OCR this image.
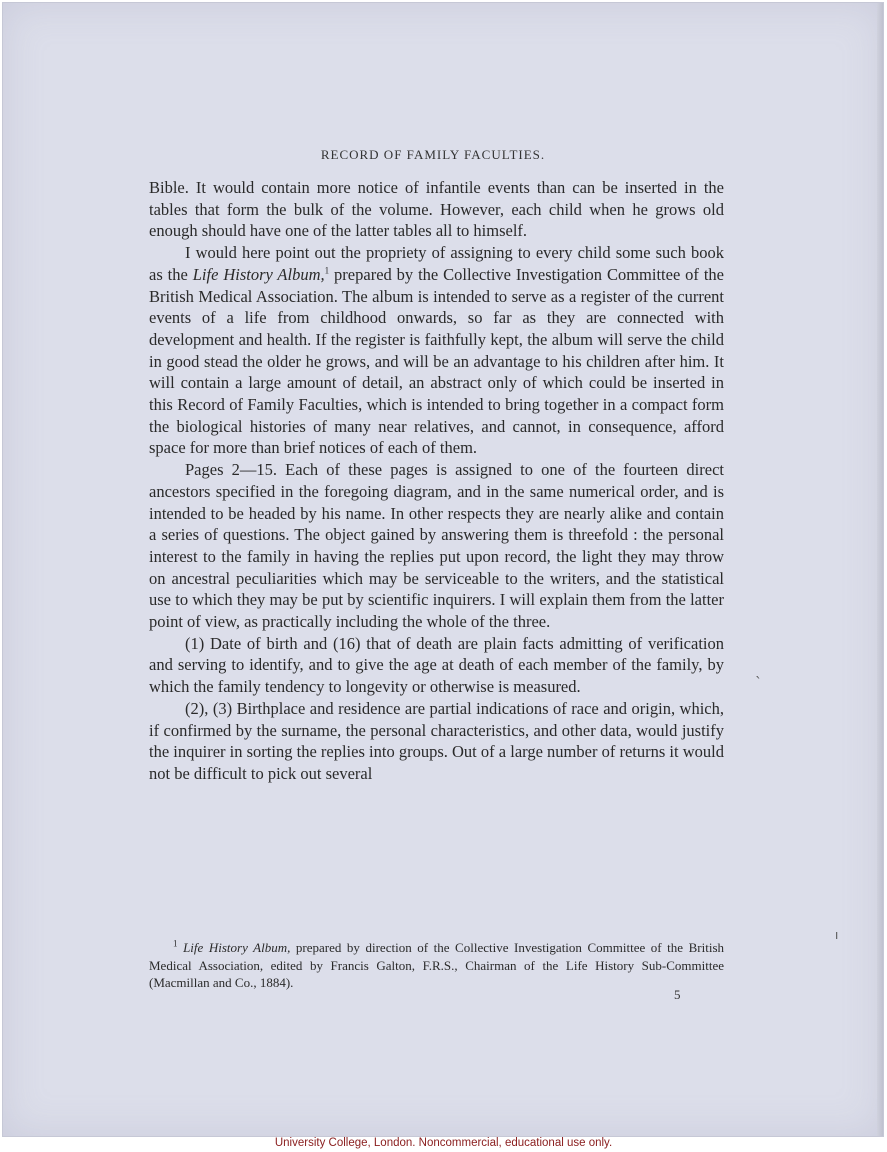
RECORD OF FAMILY FACULTIES.

Bible. It would contain more notice of infantile events than can be inserted in the tables that form the bulk of the volume. However, each child when he grows old enough should have one of the latter tables all to himself.

I would here point out the propriety of assigning to every child some such book as the Life History Album,$^1$ prepared by the Collective Investigation Committee of the British Medical Association. The album is intended to serve as a register of the current events of a life from childhood onwards, so far as they are connected with development and health. If the register is faithfully kept, the album will serve the child in good stead the older he grows, and will be an advantage to his children after him. It will contain a large amount of detail, an abstract only of which could be inserted in this Record of Family Faculties, which is intended to bring together in a compact form the biological histories of many near relatives, and cannot, in consequence, afford space for more than brief notices of each of them.

Pages 2—15. Each of these pages is assigned to one of the fourteen direct ancestors specified in the foregoing diagram, and in the same numerical order, and is intended to be headed by his name. In other respects they are nearly alike and contain a series of questions. The object gained by answering them is threefold : the personal interest to the family in having the replies put upon record, the light they may throw on ancestral peculiarities which may be serviceable to the writers, and the statistical use to which they may be put by scientific inquirers. I will explain them from the latter point of view, as practically including the whole of the three.

(1) Date of birth and (16) that of death are plain facts admitting of verification and serving to identify, and to give the age at death of each member of the family, by which the family tendency to longevity or otherwise is measured.

(2), (3) Birthplace and residence are partial indications of race and origin, which, if confirmed by the surname, the personal characteristics, and other data, would justify the inquirer in sorting the replies into groups. Out of a large number of returns it would not be difficult to pick out several

$^1$ Life History Album, prepared by direction of the Collective Investigation Committee of the British Medical Association, edited by Francis Galton, F.R.S., Chairman of the Life History Sub-Committee (Macmillan and Co., 1884).

5
ˎ
ı
University College, London. Noncommercial, educational use only.
